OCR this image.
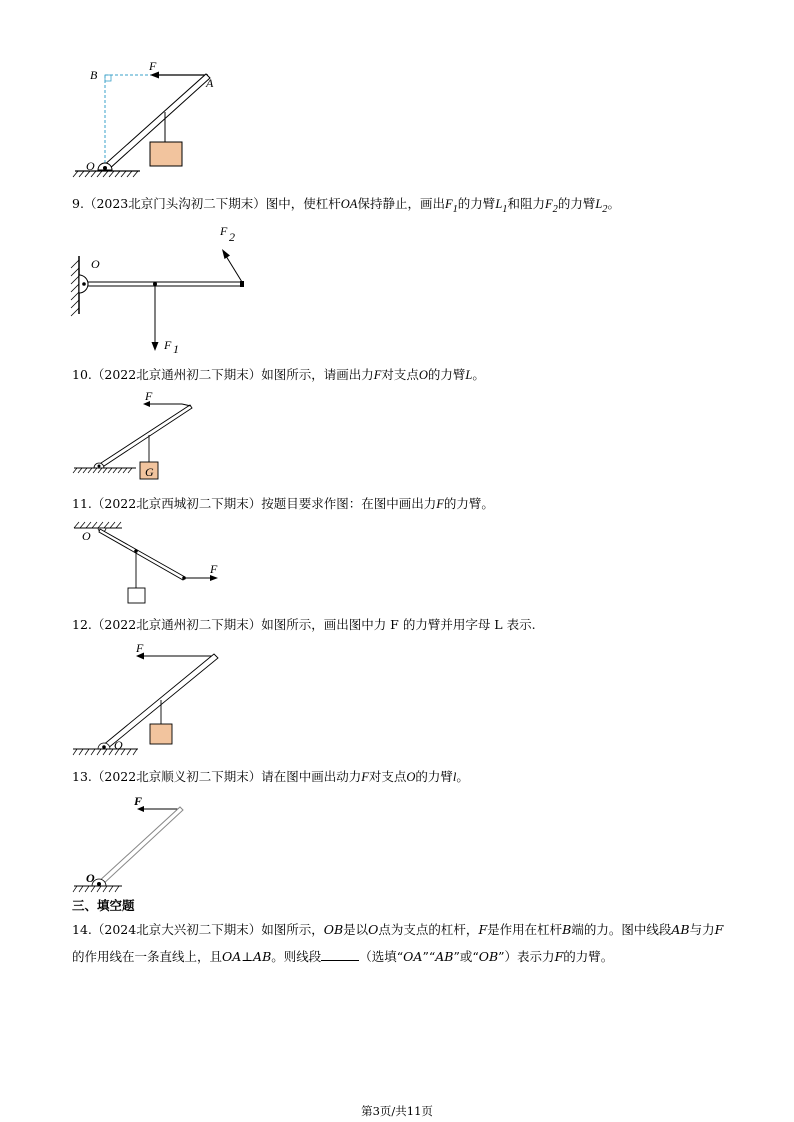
B
F
A
O
9.（2023北京门头沟初二下期末）图中，使杠杆OA保持静止，画出$F_1$的力臂$L_1$和阻力$F_2$的力臂$L_2$。
O
F 2
F 1
10.（2022北京通州初二下期末）如图所示，请画出力F对支点O的力臂L。
F
G
11.（2022北京西城初二下期末）按题目要求作图：在图中画出力F的力臂。
O
F
12.（2022北京通州初二下期末）如图所示，画出图中力 F 的力臂并用字母 L 表示.
F
O
13.（2022北京顺义初二下期末）请在图中画出动力F对支点O的力臂l。
F
O
三、填空题
14.（2024北京大兴初二下期末）如图所示，OB是以O点为支点的杠杆，F是作用在杠杆B端的力。图中线段AB与力F的作用线在一条直线上，且OA⊥AB。则线段	（选填“OA”“AB”或“OB”）表示力F的力臂。
第3页/共11页
